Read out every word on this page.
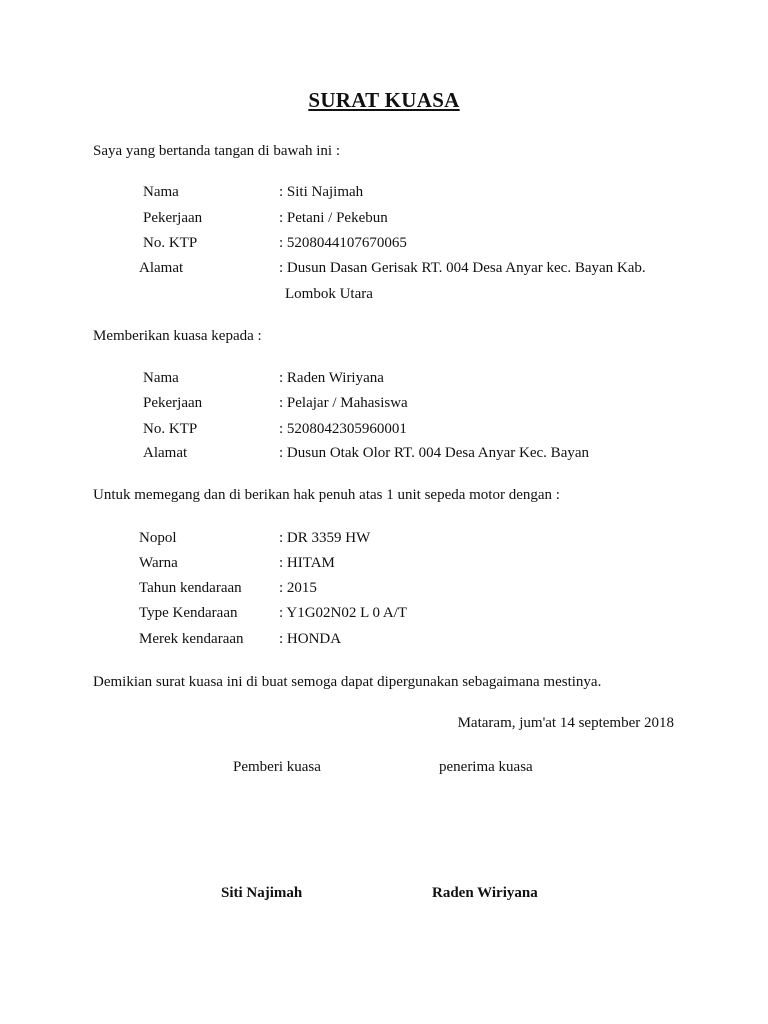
SURAT KUASA
Saya yang bertanda tangan di bawah ini :
Nama	: Siti Najimah
Pekerjaan	: Petani / Pekebun
No. KTP	: 5208044107670065
Alamat	: Dusun Dasan Gerisak RT. 004 Desa Anyar kec. Bayan Kab.
Lombok Utara
Memberikan kuasa kepada :
Nama	: Raden Wiriyana
Pekerjaan	: Pelajar / Mahasiswa
No. KTP	: 5208042305960001
Alamat	: Dusun Otak Olor RT. 004 Desa Anyar Kec. Bayan
Untuk memegang dan di berikan hak penuh atas 1 unit sepeda motor dengan :
Nopol	: DR 3359 HW
Warna	: HITAM
Tahun kendaraan : 2015
Type Kendaraan	: Y1G02N02 L 0 A/T
Merek kendaraan : HONDA
Demikian surat kuasa ini di buat semoga dapat dipergunakan sebagaimana mestinya.
Mataram, jum'at 14 september 2018
Pemberi kuasa	penerima kuasa
Siti Najimah	Raden Wiriyana
